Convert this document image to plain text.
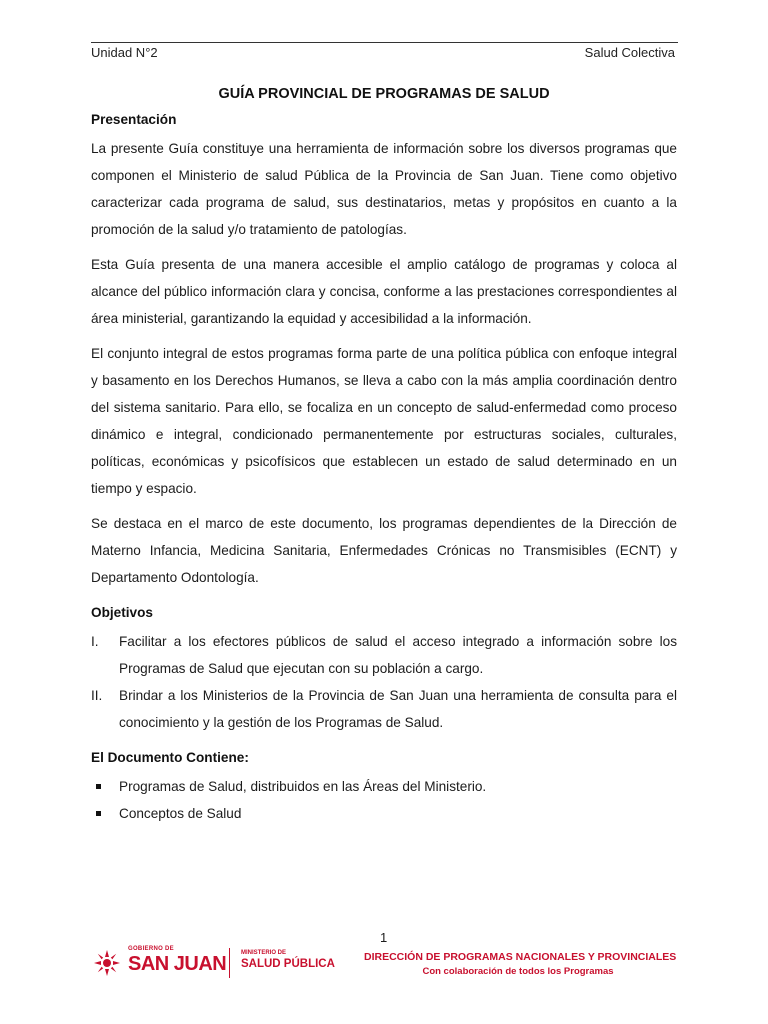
Unidad N°2	Salud Colectiva
GUÍA PROVINCIAL DE PROGRAMAS DE SALUD
Presentación

La presente Guía constituye una herramienta de información sobre los diversos programas que componen el Ministerio de salud Pública de la Provincia de San Juan. Tiene como objetivo caracterizar cada programa de salud, sus destinatarios, metas y propósitos en cuanto a la promoción de la salud y/o tratamiento de patologías.

Esta Guía presenta de una manera accesible el amplio catálogo de programas y coloca al alcance del público información clara y concisa, conforme a las prestaciones correspondientes al área ministerial, garantizando la equidad y accesibilidad a la información.

El conjunto integral de estos programas forma parte de una política pública con enfoque integral y basamento en los Derechos Humanos, se lleva a cabo con la más amplia coordinación dentro del sistema sanitario. Para ello, se focaliza en un concepto de salud-enfermedad como proceso dinámico e integral, condicionado permanentemente por estructuras sociales, culturales, políticas, económicas y psicofísicos que establecen un estado de salud determinado en un tiempo y espacio.

Se destaca en el marco de este documento, los programas dependientes de la Dirección de Materno Infancia, Medicina Sanitaria, Enfermedades Crónicas no Transmisibles (ECNT) y Departamento Odontología.

Objetivos
I. Facilitar a los efectores públicos de salud el acceso integrado a información sobre los Programas de Salud que ejecutan con su población a cargo.
II. Brindar a los Ministerios de la Provincia de San Juan una herramienta de consulta para el conocimiento y la gestión de los Programas de Salud.
El Documento Contiene:
Programas de Salud, distribuidos en las Áreas del Ministerio.
Conceptos de Salud
1
GOBIERNO DE
SAN JUAN MINISTERIO DE
SALUD PÚBLICA
DIRECCIÓN DE PROGRAMAS NACIONALES Y PROVINCIALES
Con colaboración de todos los Programas
